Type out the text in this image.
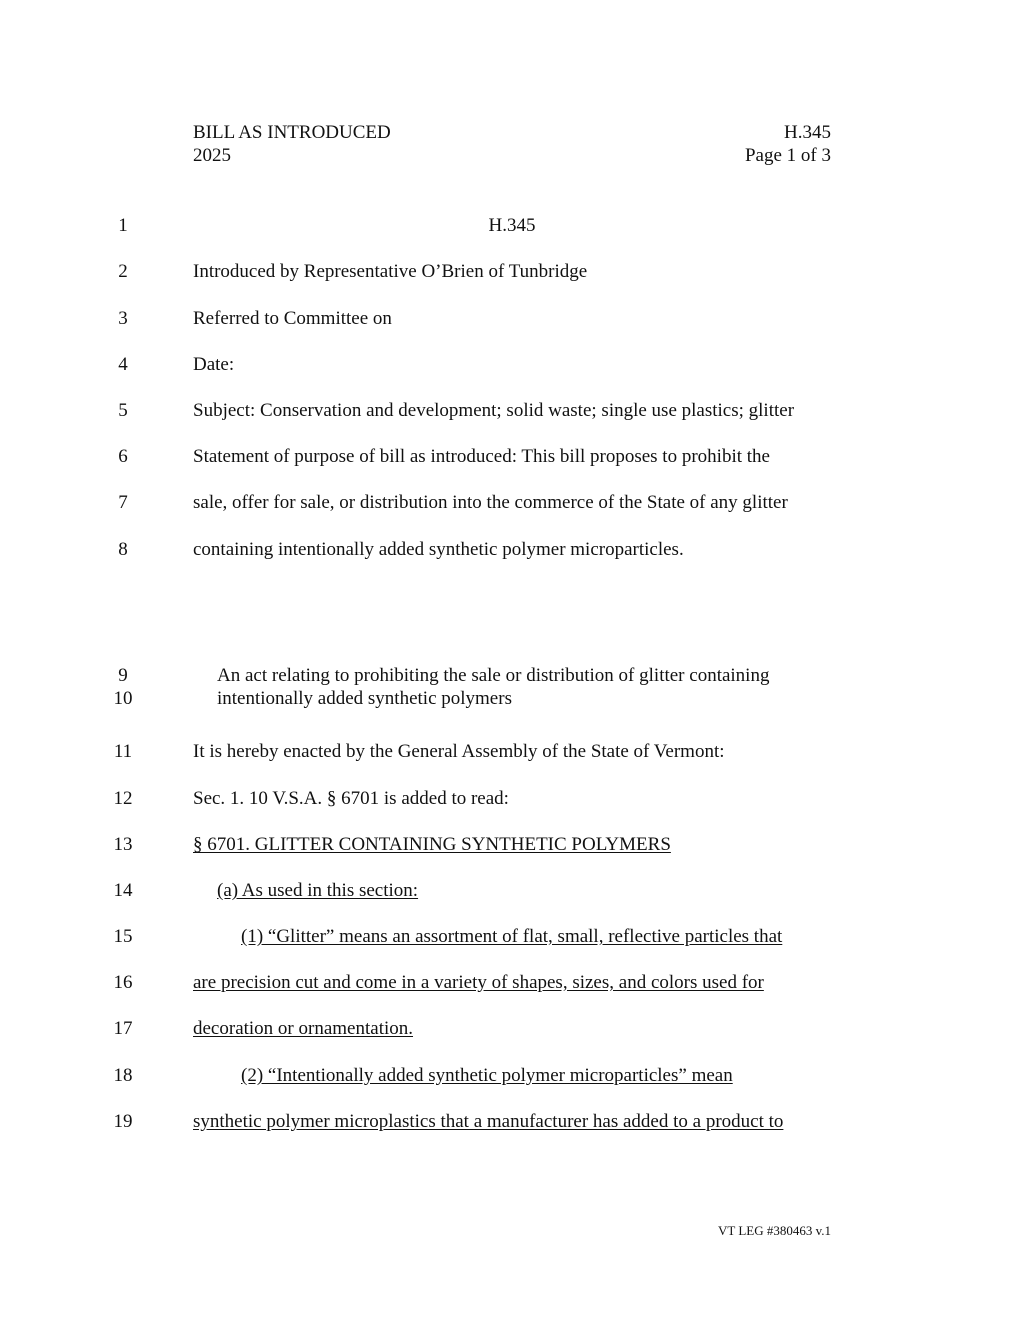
BILL AS INTRODUCED
2025
H.345
Page 1 of 3
1	H.345
2	Introduced by Representative O’Brien of Tunbridge
3	Referred to Committee on
4	Date:
5	Subject: Conservation and development; solid waste; single use plastics; glitter
6	Statement of purpose of bill as introduced: This bill proposes to prohibit the
7	sale, offer for sale, or distribution into the commerce of the State of any glitter
8	containing intentionally added synthetic polymer microparticles.
9	An act relating to prohibiting the sale or distribution of glitter containing
10	intentionally added synthetic polymers
11	It is hereby enacted by the General Assembly of the State of Vermont:
12	Sec. 1. 10 V.S.A. § 6701 is added to read:
13	§ 6701. GLITTER CONTAINING SYNTHETIC POLYMERS
14	(a) As used in this section:
15	(1) “Glitter” means an assortment of flat, small, reflective particles that
16	are precision cut and come in a variety of shapes, sizes, and colors used for
17	decoration or ornamentation.
18	(2) “Intentionally added synthetic polymer microparticles” mean
19	synthetic polymer microplastics that a manufacturer has added to a product to
VT LEG #380463 v.1
